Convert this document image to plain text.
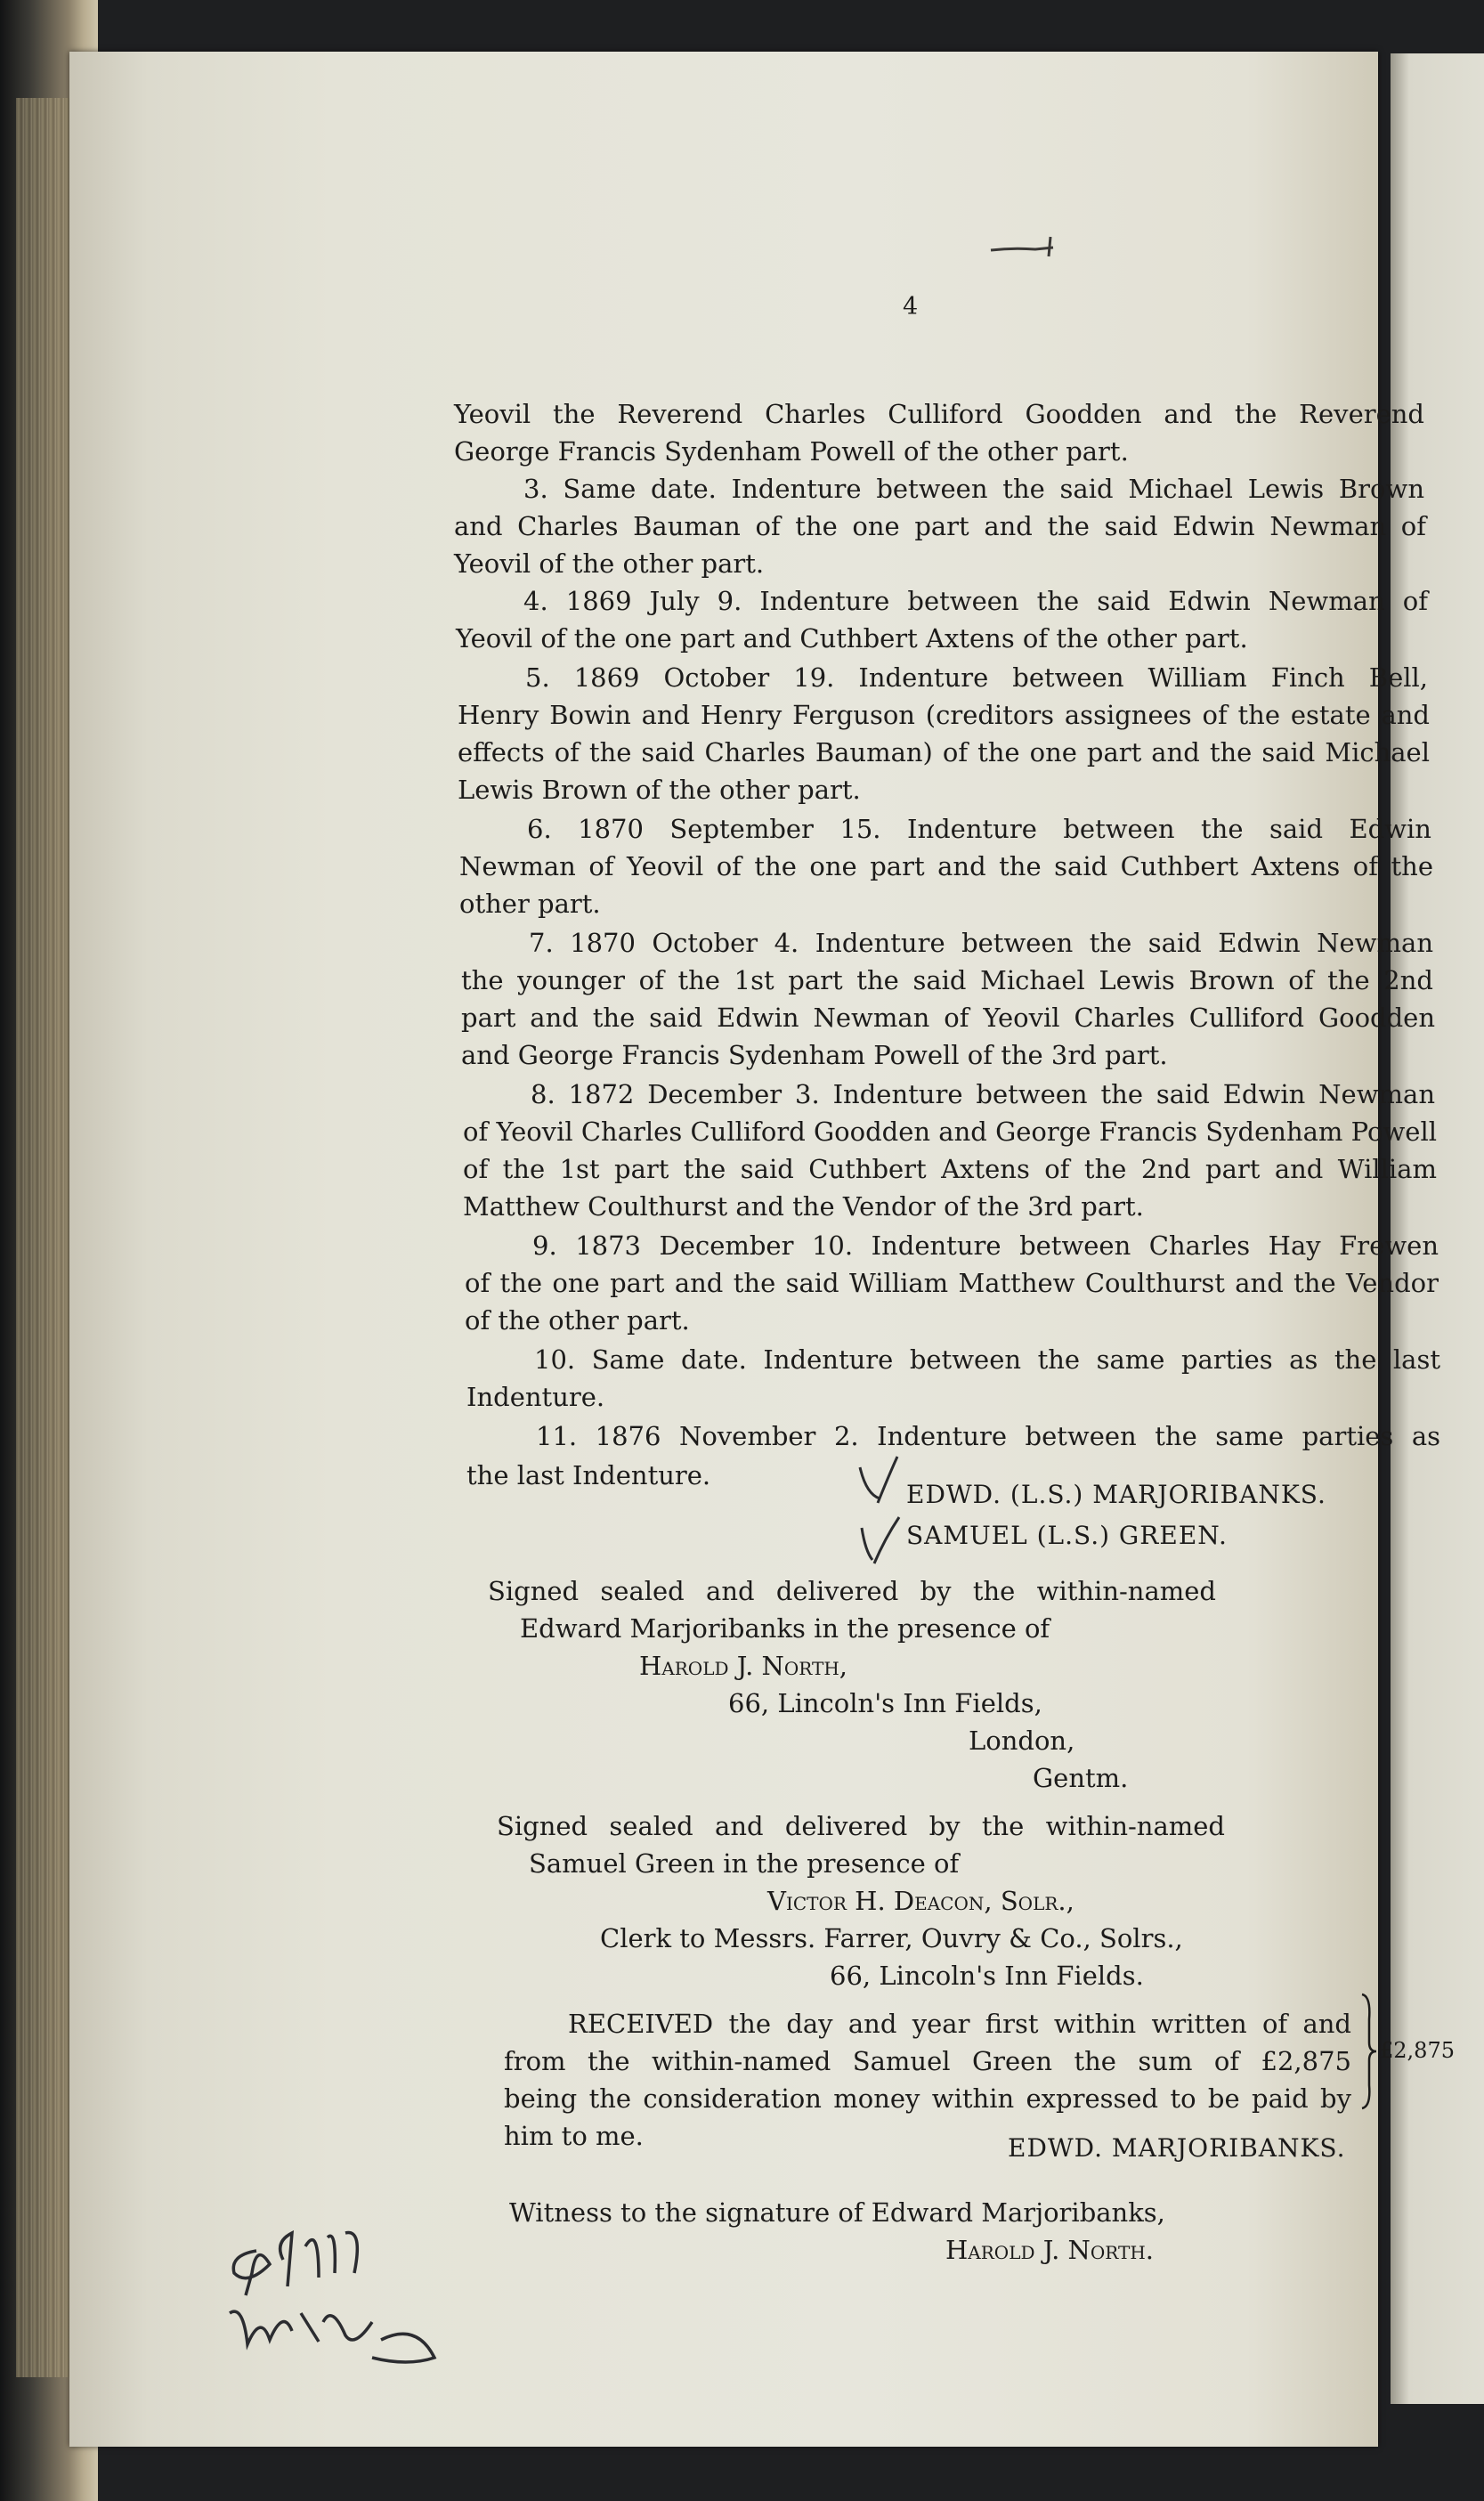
4
Yeovil the Reverend Charles Culliford Goodden and the Reverend
George Francis Sydenham Powell of the other part.
3. Same date. Indenture between the said Michael Lewis Brown
and Charles Bauman of the one part and the said Edwin Newman of
Yeovil of the other part.
4. 1869 July 9. Indenture between the said Edwin Newman of
Yeovil of the one part and Cuthbert Axtens of the other part.
5. 1869 October 19. Indenture between William Finch Bell,
Henry Bowin and Henry Ferguson (creditors assignees of the estate and
effects of the said Charles Bauman) of the one part and the said Michael
Lewis Brown of the other part.
6. 1870 September 15. Indenture between the said Edwin
Newman of Yeovil of the one part and the said Cuthbert Axtens of the
other part.
7. 1870 October 4. Indenture between the said Edwin Newman
the younger of the 1st part the said Michael Lewis Brown of the 2nd
part and the said Edwin Newman of Yeovil Charles Culliford Goodden
and George Francis Sydenham Powell of the 3rd part.
8. 1872 December 3. Indenture between the said Edwin Newman
of Yeovil Charles Culliford Goodden and George Francis Sydenham Powell
of the 1st part the said Cuthbert Axtens of the 2nd part and William
Matthew Coulthurst and the Vendor of the 3rd part.
9. 1873 December 10. Indenture between Charles Hay Frewen
of the one part and the said William Matthew Coulthurst and the Vendor
of the other part.
10. Same date. Indenture between the same parties as the last
Indenture.
11. 1876 November 2. Indenture between the same parties as
the last Indenture.
EDWD. (L.S.) MARJORIBANKS.
SAMUEL (L.S.) GREEN.
Signed sealed and delivered by the within-named
Edward Marjoribanks in the presence of
Harold J. North,
66, Lincoln's Inn Fields,
London,
Gentm.
Signed sealed and delivered by the within-named
Samuel Green in the presence of
Victor H. Deacon, Solr.,
Clerk to Messrs. Farrer, Ouvry & Co., Solrs.,
66, Lincoln's Inn Fields.
RECEIVED the day and year first within written of and
from the within-named Samuel Green the sum of £2,875
being the consideration money within expressed to be paid by
him to me.
£2,875
EDWD. MARJORIBANKS.
Witness to the signature of Edward Marjoribanks,
Harold J. North.
